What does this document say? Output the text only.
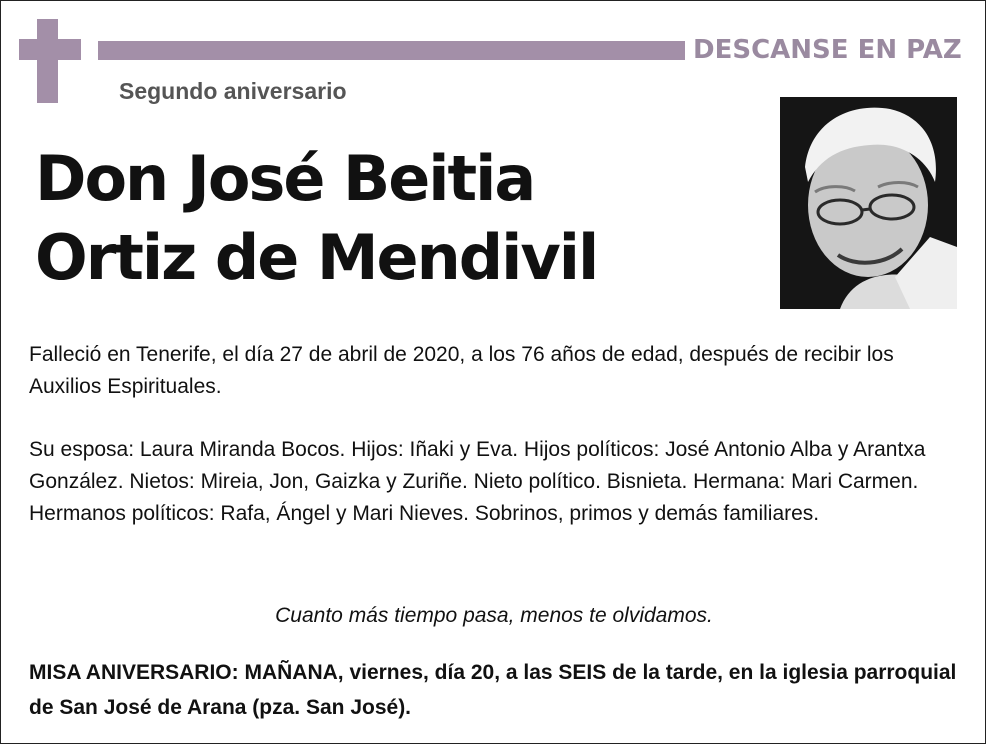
DESCANSE EN PAZ
Segundo aniversario
Don José Beitia
Ortiz de Mendivil
Falleció en Tenerife, el día 27 de abril de 2020, a los 76 años de edad, después de recibir los Auxilios Espirituales.
Su esposa: Laura Miranda Bocos. Hijos: Iñaki y Eva. Hijos políticos: José Antonio Alba y Arantxa González. Nietos: Mireia, Jon, Gaizka y Zuriñe. Nieto político. Bisnieta. Hermana: Mari Carmen. Hermanos políticos: Rafa, Ángel y Mari Nieves. Sobrinos, primos y demás familiares.
Cuanto más tiempo pasa, menos te olvidamos.
MISA ANIVERSARIO: MAÑANA, viernes, día 20, a las SEIS de la tarde, en la iglesia parroquial de San José de Arana (pza. San José).
